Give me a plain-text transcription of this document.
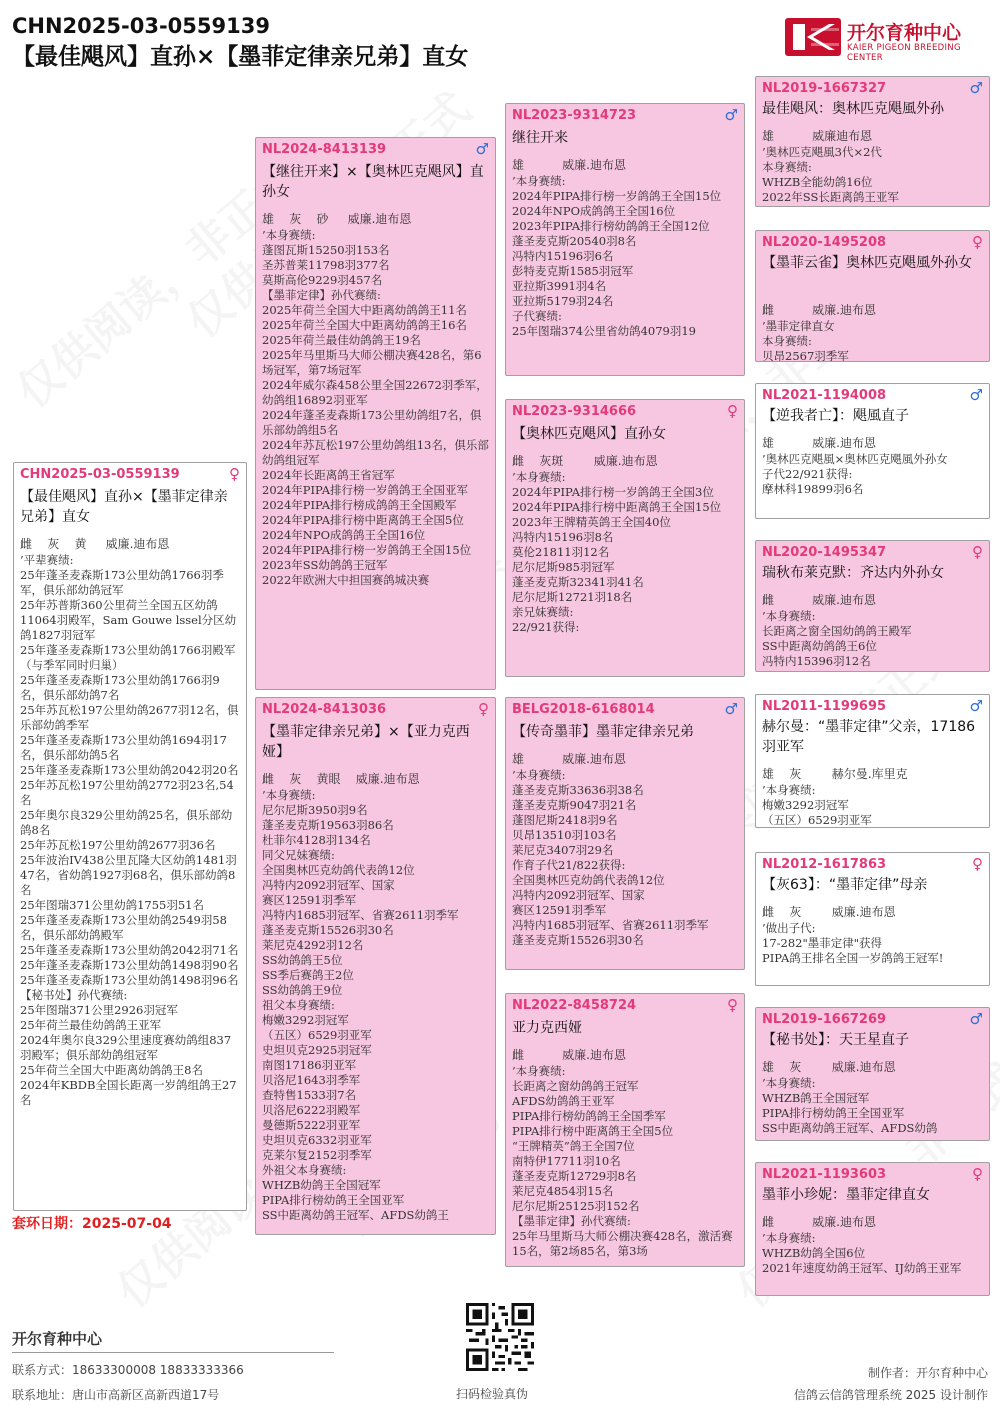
CHN2025-03-0559139
【最佳飓风】直孙×【墨菲定律亲兄弟】直女
开尔育种中心
KAIER PIGEON BREEDING CENTER
CHN2025-03-0559139	♀
【最佳飓风】直孙×【墨菲定律亲兄弟】直女
雌    灰    黄     威廉.迪布恩
’平辈赛绩:
25年蓬圣麦森斯173公里幼鸽1766羽季军，俱乐部幼鸽冠军
25年苏普斯360公里荷兰全国五区幼鸽11064羽殿军，Sam Gouwe lssel分区幼鸽1827羽冠军
25年蓬圣麦森斯173公里幼鸽1766羽殿军（与季军同时归巢）
25年蓬圣麦森斯173公里幼鸽1766羽9名，俱乐部幼鸽7名
25年苏瓦松197公里幼鸽2677羽12名，俱乐部幼鸽季军
25年蓬圣麦森斯173公里幼鸽1694羽17名，俱乐部幼鸽5名
25年蓬圣麦森斯173公里幼鸽2042羽20名
25年苏瓦松197公里幼鸽2772羽23名,54名
25年奥尔良329公里幼鸽25名，俱乐部幼鸽8名
25年苏瓦松197公里幼鸽2677羽36名
25年波治IV438公里瓦隆大区幼鸽1481羽47名，省幼鸽1927羽68名，俱乐部幼鸽8名
25年图瑞371公里幼鸽1755羽51名
25年蓬圣麦森斯173公里幼鸽2549羽58名，俱乐部幼鸽殿军
25年蓬圣麦森斯173公里幼鸽2042羽71名
25年蓬圣麦森斯173公里幼鸽1498羽90名
25年蓬圣麦森斯173公里幼鸽1498羽96名
【秘书处】孙代赛绩:
25年图瑞371公里2926羽冠军
25年荷兰最佳幼鸽鸽王亚军
2024年奥尔良329公里速度赛幼鸽组837羽殿军；俱乐部幼鸽组冠军
25年荷兰全国大中距离幼鸽鸽王8名
2024年KBDB全国长距离一岁鸽组鸽王27名
套环日期：2025-07-04
NL2024-8413139	♂
【继往开来】×【奥林匹克飓风】直孙女
雄    灰    砂     威廉.迪布恩
’本身赛绩:
蓬图瓦斯15250羽153名
圣苏普莱11798羽377名
莫斯高伦9229羽457名
【墨菲定律】孙代赛绩:
2025年荷兰全国大中距离幼鸽鸽王11名
2025年荷兰全国大中距离幼鸽鸽王16名
2025年荷兰最佳幼鸽鸽王19名
2025年马里斯马大师公棚决赛428名，第6场冠军，第7场冠军
2024年威尔森458公里全国22672羽季军，幼鸽组16892羽亚军
2024年蓬圣麦森斯173公里幼鸽组7名，俱乐部幼鸽组5名
2024年苏瓦松197公里幼鸽组13名，俱乐部幼鸽组冠军
2024年长距离鸽王省冠军
2024年PIPA排行榜一岁鸽鸽王全国亚军
2024年PIPA排行榜成鸽鸽王全国殿军
2024年PIPA排行榜中距离鸽王全国5位
2024年NPO成鸽鸽王全国16位
2024年PIPA排行榜一岁鸽鸽王全国15位
2023年SS幼鸽鸽王冠军
2022年欧洲大中担国赛鸽城决赛
NL2024-8413036	♀
【墨菲定律亲兄弟】×【亚力克西娅】
雌    灰    黄眼    威廉.迪布恩
’本身赛绩:
尼尔尼斯3950羽9名
蓬圣麦克斯19563羽86名
杜菲尔4128羽134名
同父兄妹赛绩:
全国奥林匹克幼鸽代表鸽12位
冯特内2092羽冠军、国家
赛区12591羽季军
冯特内1685羽冠军、省赛2611羽季军
蓬圣麦克斯15526羽30名
莱尼克4292羽12名
SS幼鸽鸽王5位
SS季后赛鸽王2位
SS幼鸽鸽王9位
祖父本身赛绩:
梅嫩3292羽冠军
（五区）6529羽亚军
史坦贝克2925羽冠军
南图17186羽亚军
贝洛尼1643羽季军
查特售1533羽7名
贝洛尼6222羽殿军
曼德斯5222羽亚军
史坦贝克6332羽亚军
克莱尔复2152羽季军
外祖父本身赛绩:
WHZB幼鸽王全国冠军
PIPA排行榜幼鸽王全国亚军
SS中距离幼鸽王冠军、AFDS幼鸽王
NL2023-9314723	♂
继往开来
雄          威廉.迪布恩
’本身赛绩:
2024年PIPA排行榜一岁鸽鸽王全国15位
2024年NPO成鸽鸽王全国16位
2023年PIPA排行榜幼鸽鸽王全国12位
蓬圣麦克斯20540羽8名
冯特内15196羽6名
彭特麦克斯1585羽冠军
亚拉斯3991羽4名
亚拉斯5179羽24名
子代赛绩:
25年图瑞374公里省幼鸽4079羽19
NL2023-9314666	♀
【奥林匹克飓风】直孙女
雌    灰斑        威廉.迪布恩
’本身赛绩:
2024年PIPA排行榜一岁鸽鸽王全国3位
2024年PIPA排行榜中距离鸽王全国15位
2023年王牌精英鸽王全国40位
冯特内15196羽8名
莫伦21811羽12名
尼尔尼斯985羽冠军
蓬圣麦克斯32341羽41名
尼尔尼斯12721羽18名
亲兄妹赛绩:
22/921获得:
BELG2018-6168014	♂
【传奇墨菲】墨菲定律亲兄弟
雄          威廉.迪布恩
’本身赛绩:
蓬圣麦克斯33636羽38名
蓬圣麦克斯9047羽21名
蓬图尼斯2418羽9名
贝昂13510羽103名
莱尼克3407羽29名
作育子代21/822获得:
全国奥林匹克幼鸽代表鸽12位
冯特内2092羽冠军、国家
赛区12591羽季军
冯特内1685羽冠军、省赛2611羽季军
蓬圣麦克斯15526羽30名
NL2022-8458724	♀
亚力克西娅
雌          威廉.迪布恩
’本身赛绩:
长距离之窗幼鸽鸽王冠军
AFDS幼鸽鸽王亚军
PIPA排行榜幼鸽鸽王全国季军
PIPA排行榜中距离鸽王全国5位
“王牌精英”鸽王全国7位
南特伊17711羽10名
蓬圣麦克斯12729羽8名
莱尼克4854羽15名
尼尔尼斯25125羽152名
【墨菲定律】孙代赛绩:
25年马里斯马大师公棚决赛428名，激活赛15名，第2场85名，第3场
NL2019-1667327	♂
最佳飓风：奥林匹克飓風外孙
雄          威廉迪布恩
’奥林匹克飓風3代×2代
本身赛绩:
WHZB全能幼鸽16位
2022年SS长距离鸽王亚军
NL2020-1495208	♀
【墨菲云雀】奥林匹克飓風外孙女
雌          威廉.迪布恩
’墨菲定律直女
本身赛绩:
贝昂2567羽季军
NL2021-1194008	♂
【逆我者亡】：飓風直子
雄          威廉.迪布恩
’奥林匹克飓風×奥林匹克飓風外孙女
子代22/921获得:
摩林科19899羽6名
NL2020-1495347	♀
瑞秋布莱克默：齐达内外孙女
雌          威廉.迪布恩
’本身赛绩:
长距离之窗全国幼鸽鸽王殿军
SS中距离幼鸽鸽王6位
冯特内15396羽12名
NL2011-1199695	♂
赫尔曼：“墨菲定律”父亲，17186羽亚军
雄    灰        赫尔曼.库里克
’本身赛绩:
梅嫩3292羽冠军
（五区）6529羽亚军
NL2012-1617863	♀
【灰63】：“墨菲定律”母亲
雌    灰        威廉.迪布恩
’做出子代:
17-282"墨菲定律"获得
PIPA鸽王排名全国一岁鸽鸽王冠军!
NL2019-1667269	♂
【秘书处】：天王星直子
雄    灰        威廉.迪布恩
’本身赛绩:
WHZB鸽王全国冠军
PIPA排行榜幼鸽王全国亚军
SS中距离幼鸽王冠军、AFDS幼鸽
NL2021-1193603	♀
墨菲小珍妮：墨菲定律直女
雌          威廉.迪布恩
’本身赛绩:
WHZB幼鸽全国6位
2021年速度幼鸽王冠军、IJ幼鸽王亚军
开尔育种中心
联系方式：18633300008 18833333366
联系地址：唐山市高新区高新西道17号	扫码检验真伪
制作者：开尔育种中心
信鸽云信鸽管理系统 2025 设计制作
